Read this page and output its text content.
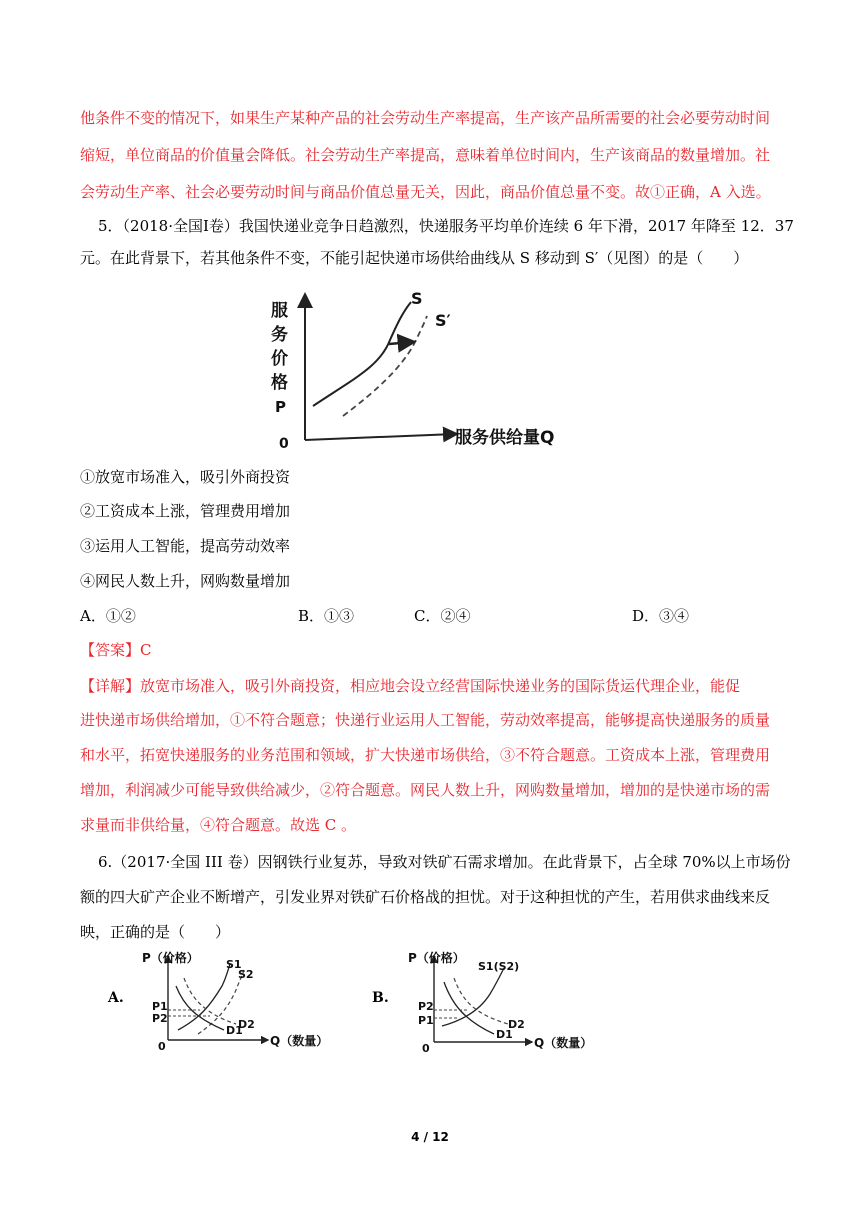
他条件不变的情况下，如果生产某种产品的社会劳动生产率提高，生产该产品所需要的社会必要劳动时间
缩短，单位商品的价值量会降低。社会劳动生产率提高，意味着单位时间内，生产该商品的数量增加。社
会劳动生产率、社会必要劳动时间与商品价值总量无关，因此，商品价值总量不变。故①正确，A 入选。
5．（2018·全国Ⅰ卷）我国快递业竞争日趋激烈，快递服务平均单价连续 6 年下滑，2017 年降至 12．37
元。在此背景下，若其他条件不变，不能引起快递市场供给曲线从 S 移动到 S′（见图）的是（　　）
服
务
价
格
P
0	服务供给量Q
S
S′
①放宽市场准入，吸引外商投资
②工资成本上涨，管理费用增加
③运用人工智能，提高劳动效率
④网民人数上升，网购数量增加
A．①②	B．①③	C．②④	D．③④
【答案】C
【详解】放宽市场准入，吸引外商投资，相应地会设立经营国际快递业务的国际货运代理企业，能促
进快递市场供给增加，①不符合题意；快递行业运用人工智能，劳动效率提高，能够提高快递服务的质量
和水平，拓宽快递服务的业务范围和领域，扩大快递市场供给，③不符合题意。工资成本上涨，管理费用
增加，利润减少可能导致供给减少，②符合题意。网民人数上升，网购数量增加，增加的是快递市场的需
求量而非供给量，④符合题意。故选 C 。
6.（2017·全国 III 卷）因钢铁行业复苏，导致对铁矿石需求增加。在此背景下，占全球 70%以上市场份
额的四大矿产企业不断增产，引发业界对铁矿石价格战的担忧。对于这种担忧的产生，若用供求曲线来反
映，正确的是（　　）
A.
P（价格）
Q（数量）
0
P1
P2
S1
S2
D1
D2
B.
P（价格）
Q（数量）
0
P2
P1
S1(S2)
D1
D2
4 / 12
